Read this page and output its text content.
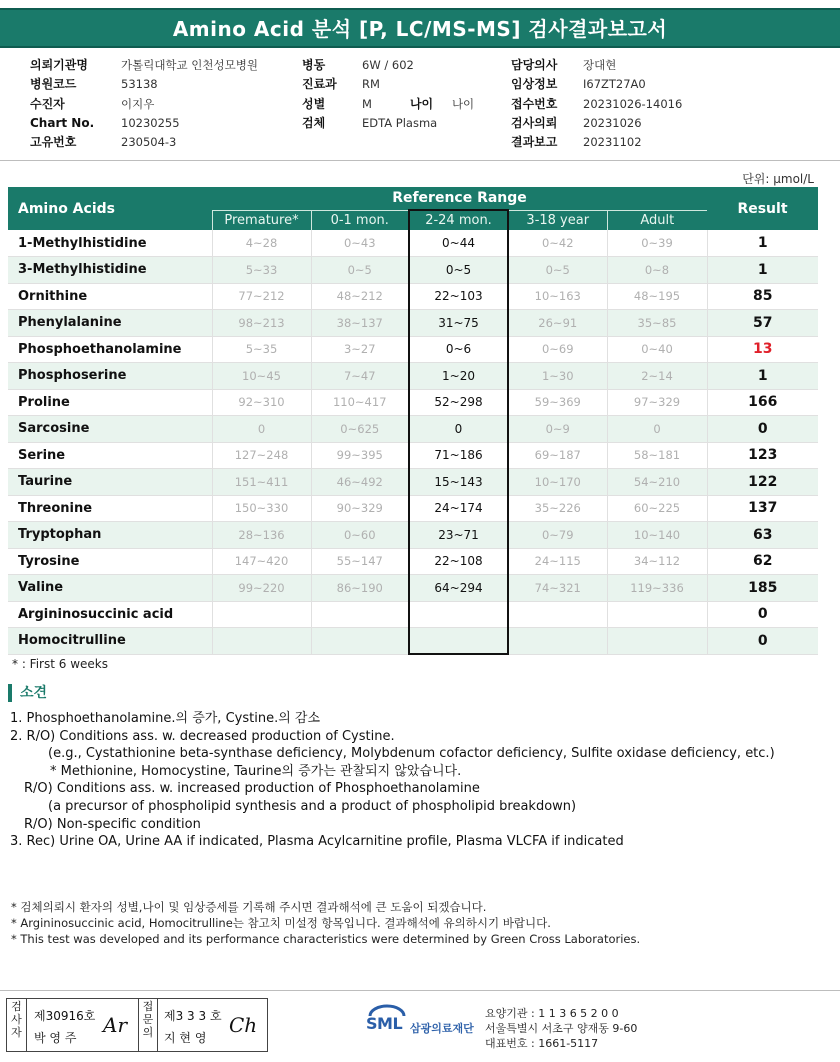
Amino Acid 분석 [P, LC/MS-MS] 검사결과보고서
의뢰기관명	가톨릭대학교 인천성모병원
병원코드	53138
수진자	이지우
Chart No. 10230255
고유번호	230504-3
병동	6W / 602
진료과 RM
성별	M	나이 나이
검체	EDTA Plasma
담당의사 장대현
임상정보 I67ZT27A0
접수번호 20231026-14016
검사의뢰 20231026
결과보고 20231102
단위: μmol/L
Amino Acids	Reference Range					Result
	Premature*	0-1 mon.	2-24 mon.	3-18 year	Adult	
1-Methylhistidine	4~28	0~43	0~44	0~42	0~39	1
3-Methylhistidine	5~33	0~5	0~5	0~5	0~8	1
Ornithine	77~212	48~212	22~103	10~163	48~195	85
Phenylalanine	98~213	38~137	31~75	26~91	35~85	57
Phosphoethanolamine	5~35	3~27	0~6	0~69	0~40	13
Phosphoserine	10~45	7~47	1~20	1~30	2~14	1
Proline	92~310	110~417	52~298	59~369	97~329	166
Sarcosine	0	0~625	0	0~9	0	0
Serine	127~248	99~395	71~186	69~187	58~181	123
Taurine	151~411	46~492	15~143	10~170	54~210	122
Threonine	150~330	90~329	24~174	35~226	60~225	137
Tryptophan	28~136	0~60	23~71	0~79	10~140	63
Tyrosine	147~420	55~147	22~108	24~115	34~112	62
Valine	99~220	86~190	64~294	74~321	119~336	185
Argininosuccinic acid						0
Homocitrulline						0
* : First 6 weeks
소견
1. Phosphoethanolamine.의 증가, Cystine.의 감소
2. R/O) Conditions ass. w. decreased production of Cystine.
(e.g., Cystathionine beta-synthase deficiency, Molybdenum cofactor deficiency, Sulfite oxidase deficiency, etc.)
* Methionine, Homocystine, Taurine의 증가는 관찰되지 않았습니다.
R/O) Conditions ass. w. increased production of Phosphoethanolamine
(a precursor of phospholipid synthesis and a product of phospholipid breakdown)
R/O) Non-specific condition
3. Rec) Urine OA, Urine AA if indicated, Plasma Acylcarnitine profile, Plasma VLCFA if indicated
* 검체의뢰시 환자의 성별,나이 및 임상증세를 기록해 주시면 결과해석에 큰 도움이 되겠습니다.
* Argininosuccinic acid, Homocitrulline는 참고치 미설정 항목입니다. 결과해석에 유의하시기 바랍니다.
* This test was developed and its performance characteristics were determined by Green Cross Laboratories.
검
사
자
제30916호
박 영 주
Ar
접
문
의
제3 3 3 호
지 현 영
Ch	SML 삼광의료재단
요양기관 : 1 1 3 6 5 2 0 0
서울특별시 서초구 양재동 9-60
대표번호 : 1661-5117
